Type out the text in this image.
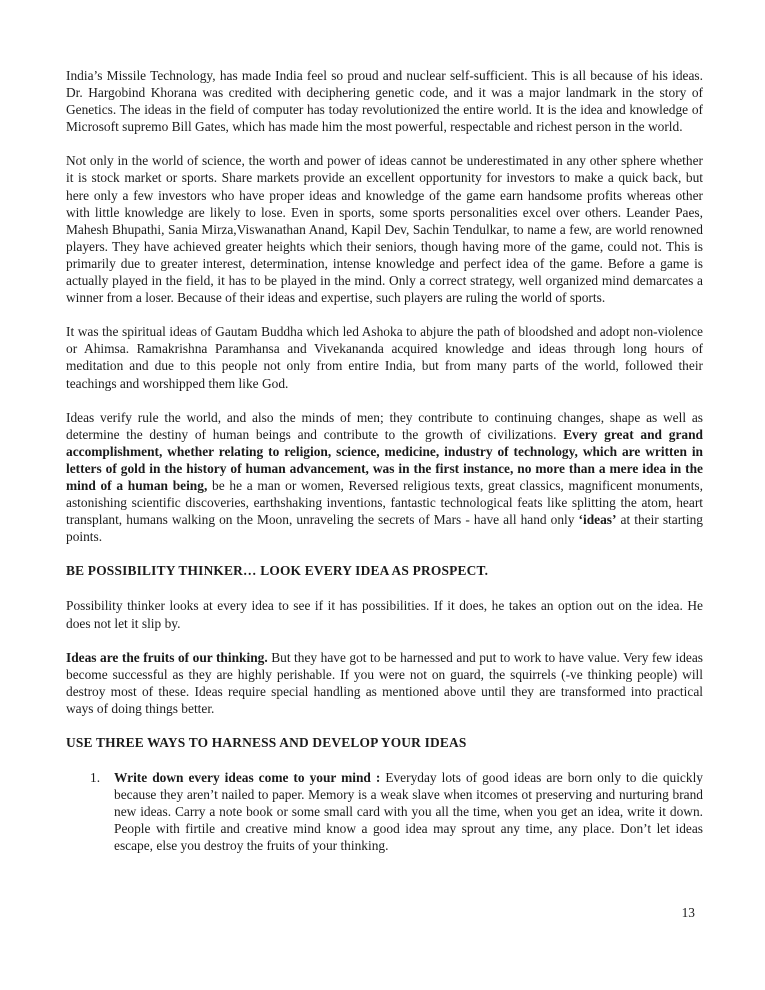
India’s Missile Technology, has made India feel so proud and nuclear self-sufficient. This is all because of his ideas. Dr. Hargobind Khorana was credited with deciphering genetic code, and it was a major landmark in the story of Genetics. The ideas in the field of computer has today revolutionized the entire world. It is the idea and knowledge of Microsoft supremo Bill Gates, which has made him the most powerful, respectable and richest person in the world.
Not only in the world of science, the worth and power of ideas cannot be underestimated in any other sphere whether it is stock market or sports. Share markets provide an excellent opportunity for investors to make a quick back, but here only a few investors who have proper ideas and knowledge of the game earn handsome profits whereas other with little knowledge are likely to lose. Even in sports, some sports personalities excel over others. Leander Paes, Mahesh Bhupathi, Sania Mirza,Viswanathan Anand, Kapil Dev, Sachin Tendulkar, to name a few, are world renowned players. They have achieved greater heights which their seniors, though having more of the game, could not. This is primarily due to greater interest, determination, intense knowledge and perfect idea of the game. Before a game is actually played in the field, it has to be played in the mind. Only a correct strategy, well organized mind demarcates a winner from a loser. Because of their ideas and expertise, such players are ruling the world of sports.
It was the spiritual ideas of Gautam Buddha which led Ashoka to abjure the path of bloodshed and adopt non-violence or Ahimsa. Ramakrishna Paramhansa and Vivekananda acquired knowledge and ideas through long hours of meditation and due to this people not only from entire India, but from many parts of the world, followed their teachings and worshipped them like God.
Ideas verify rule the world, and also the minds of men; they contribute to continuing changes, shape as well as determine the destiny of human beings and contribute to the growth of civilizations. Every great and grand accomplishment, whether relating to religion, science, medicine, industry of technology, which are written in letters of gold in the history of human advancement, was in the first instance, no more than a mere idea in the mind of a human being, be he a man or women, Reversed religious texts, great classics, magnificent monuments, astonishing scientific discoveries, earthshaking inventions, fantastic technological feats like splitting the atom, heart transplant, humans walking on the Moon, unraveling the secrets of Mars - have all hand only ‘ideas’ at their starting points.
BE POSSIBILITY THINKER… LOOK EVERY IDEA AS PROSPECT.
Possibility thinker looks at every idea to see if it has possibilities. If it does, he takes an option out on the idea. He does not let it slip by.
Ideas are the fruits of our thinking. But they have got to be harnessed and put to work to have value. Very few ideas become successful as they are highly perishable. If you were not on guard, the squirrels (-ve thinking people) will destroy most of these. Ideas require special handling as mentioned above until they are transformed into practical ways of doing things better.
USE THREE WAYS TO HARNESS AND DEVELOP YOUR IDEAS
1.	Write down every ideas come to your mind : Everyday lots of good ideas are born only to die quickly because they aren’t nailed to paper. Memory is a weak slave when itcomes ot preserving and nurturing brand new ideas. Carry a note book or some small card with you all the time, when you get an idea, write it down. People with firtile and creative mind know a good idea may sprout any time, any place. Don’t let ideas escape, else you destroy the fruits of your thinking.
13
